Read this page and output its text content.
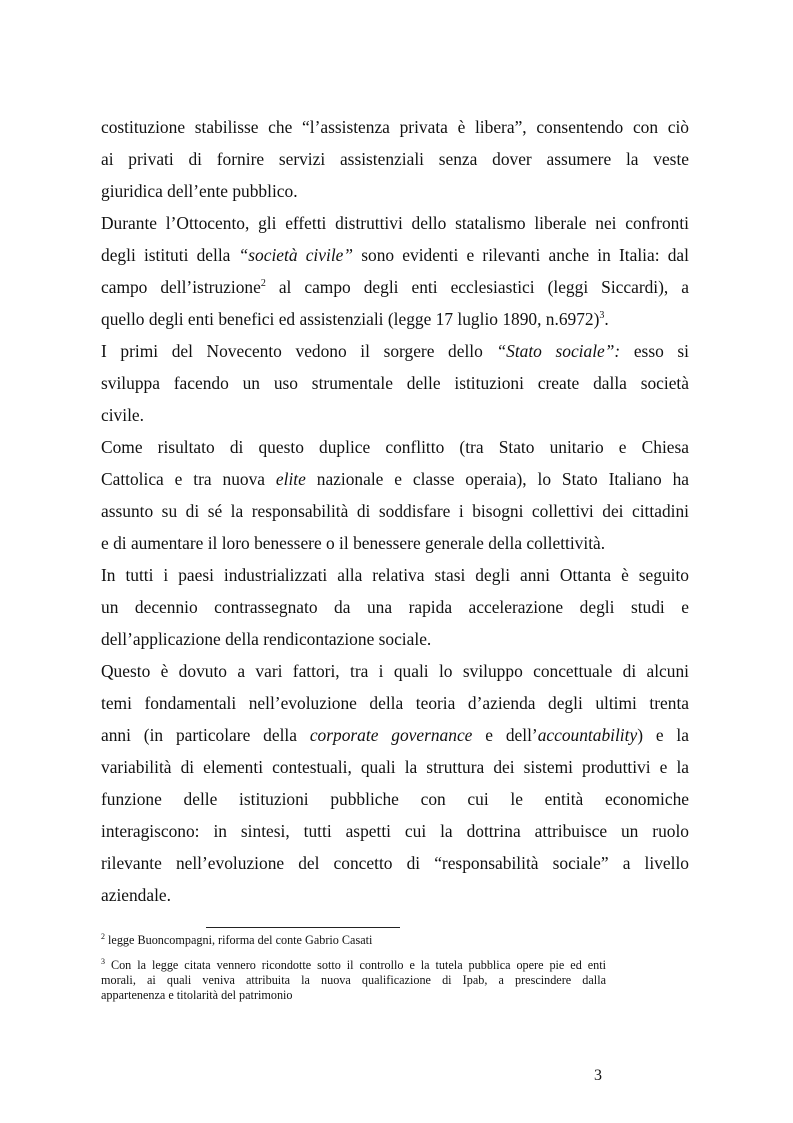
costituzione stabilisse che “l’assistenza privata è libera”, consentendo con ciò
ai privati di fornire servizi assistenziali senza dover assumere la veste
giuridica dell’ente pubblico.

Durante l’Ottocento, gli effetti distruttivi dello statalismo liberale nei confronti
degli istituti della “società civile” sono evidenti e rilevanti anche in Italia: dal
campo dell’istruzione$^2$ al campo degli enti ecclesiastici (leggi Siccardi), a
quello degli enti benefici ed assistenziali (legge 17 luglio 1890, n.6972)$^3$.

I primi del Novecento vedono il sorgere dello “Stato sociale”: esso si
sviluppa facendo un uso strumentale delle istituzioni create dalla società
civile.

Come risultato di questo duplice conflitto (tra Stato unitario e Chiesa
Cattolica e tra nuova elite nazionale e classe operaia), lo Stato Italiano ha
assunto su di sé la responsabilità di soddisfare i bisogni collettivi dei cittadini
e di aumentare il loro benessere o il benessere generale della collettività.

In tutti i paesi industrializzati alla relativa stasi degli anni Ottanta è seguito
un decennio contrassegnato da una rapida accelerazione degli studi e
dell’applicazione della rendicontazione sociale.

Questo è dovuto a vari fattori, tra i quali lo sviluppo concettuale di alcuni
temi fondamentali nell’evoluzione della teoria d’azienda degli ultimi trenta
anni (in particolare della corporate governance e dell’accountability) e la
variabilità di elementi contestuali, quali la struttura dei sistemi produttivi e la
funzione delle istituzioni pubbliche con cui le entità economiche
interagiscono: in sintesi, tutti aspetti cui la dottrina attribuisce un ruolo
rilevante nell’evoluzione del concetto di “responsabilità sociale” a livello
aziendale.

$^2$ legge Buoncompagni, riforma del conte Gabrio Casati

$^3$ Con la legge citata vennero ricondotte sotto il controllo e la tutela pubblica opere pie ed enti
morali, ai quali veniva attribuita la nuova qualificazione di Ipab, a prescindere dalla
appartenenza e titolarità del patrimonio

3
